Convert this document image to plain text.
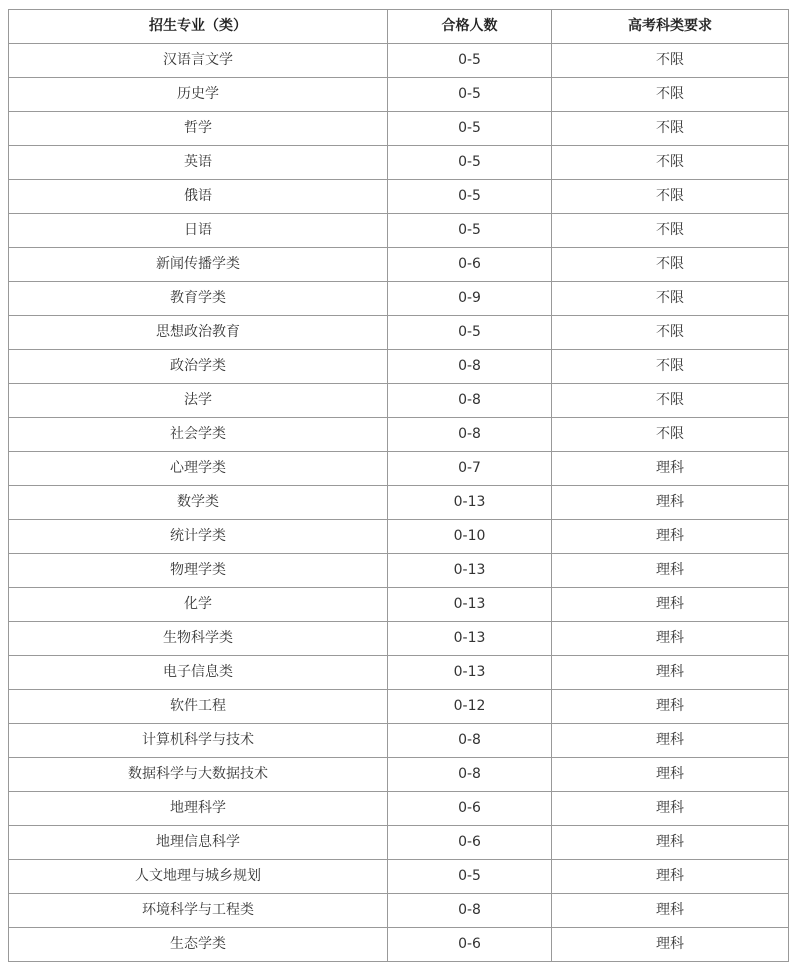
招生专业（类）	合格人数	高考科类要求
汉语言文学	0-5	不限
历史学	0-5	不限
哲学	0-5	不限
英语	0-5	不限
俄语	0-5	不限
日语	0-5	不限
新闻传播学类	0-6	不限
教育学类	0-9	不限
思想政治教育	0-5	不限
政治学类	0-8	不限
法学	0-8	不限
社会学类	0-8	不限
心理学类	0-7	理科
数学类	0-13	理科
统计学类	0-10	理科
物理学类	0-13	理科
化学	0-13	理科
生物科学类	0-13	理科
电子信息类	0-13	理科
软件工程	0-12	理科
计算机科学与技术	0-8	理科
数据科学与大数据技术	0-8	理科
地理科学	0-6	理科
地理信息科学	0-6	理科
人文地理与城乡规划	0-5	理科
环境科学与工程类	0-8	理科
生态学类	0-6	理科
